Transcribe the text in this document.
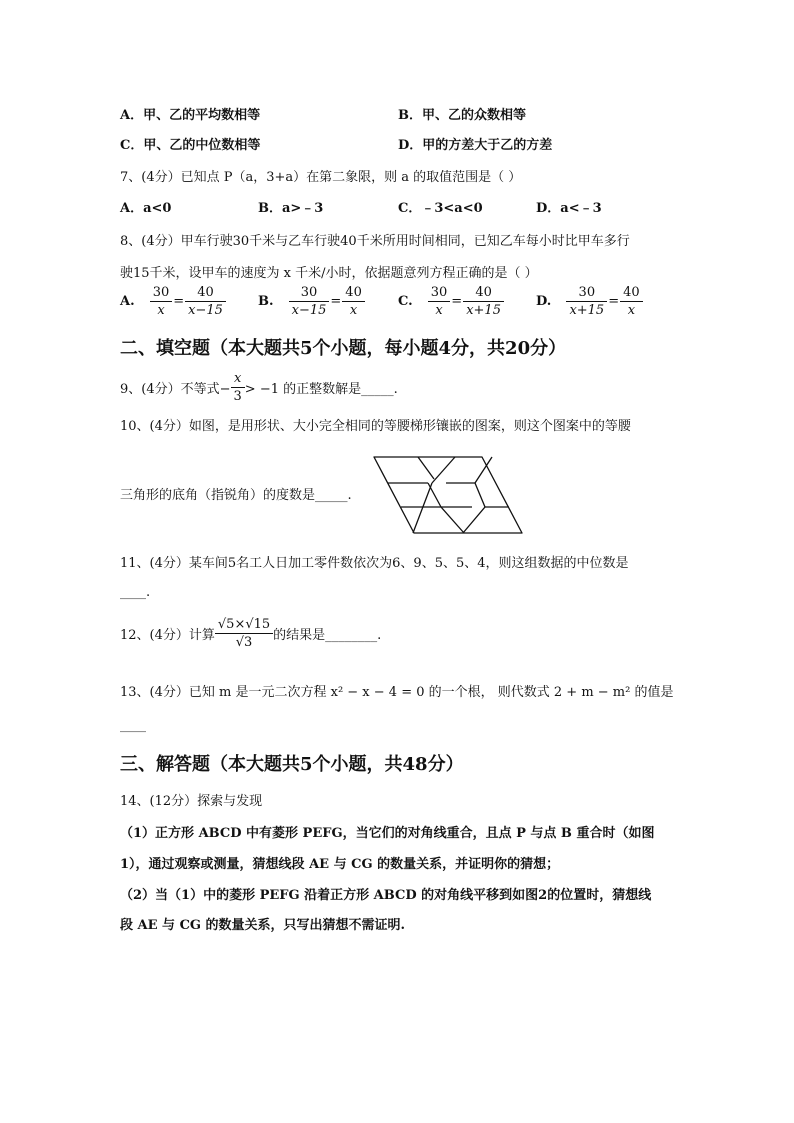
A．甲、乙的平均数相等	B．甲、乙的众数相等
C．甲、乙的中位数相等	D．甲的方差大于乙的方差
7、(4分）已知点 P（a，3+a）在第二象限，则 a 的取值范围是（ ）
A．a<0	B．a>﹣3	C．﹣3<a<0	D．a<﹣3
8、(4分）甲车行驶30千米与乙车行驶40千米所用时间相同，已知乙车每小时比甲车多行
驶15千米，设甲车的速度为 x 千米/小时，依据题意列方程正确的是（ ）
A. $\frac{30}{x} = \frac{40}{x-15} B$. $\frac{30}{x-15} = \frac{40}{x}$	C. $\frac{30}{x} = \frac{40}{x+15} D$. $\frac{30}{x+15} = \frac{40}{x}$
二、填空题（本大题共5个小题，每小题4分，共20分）
9、(4分）不等式− $\frac{x}{3} > -1$ 的正整数解是_____.
10、(4分）如图，是用形状、大小完全相同的等腰梯形镶嵌的图案，则这个图案中的等腰
三角形的底角（指锐角）的度数是_____.
11、(4分）某车间5名工人日加工零件数依次为6、9、5、5、4，则这组数据的中位数是
____.
12、(4分）计算 $\frac{√5\times√15}{√3}$ 的结果是________.
13、(4分）已知 m 是一元二次方程 x² − x − 4 = 0 的一个根， 则代数式 2 + m − m² 的值是
____
三、解答题（本大题共5个小题，共48分）
14、(12分）探索与发现
（1）正方形 ABCD 中有菱形 PEFG，当它们的对角线重合，且点 P 与点 B 重合时（如图
1），通过观察或测量，猜想线段 AE 与 CG 的数量关系，并证明你的猜想；
（2）当（1）中的菱形 PEFG 沿着正方形 ABCD 的对角线平移到如图2的位置时，猜想线
段 AE 与 CG 的数量关系，只写出猜想不需证明.
